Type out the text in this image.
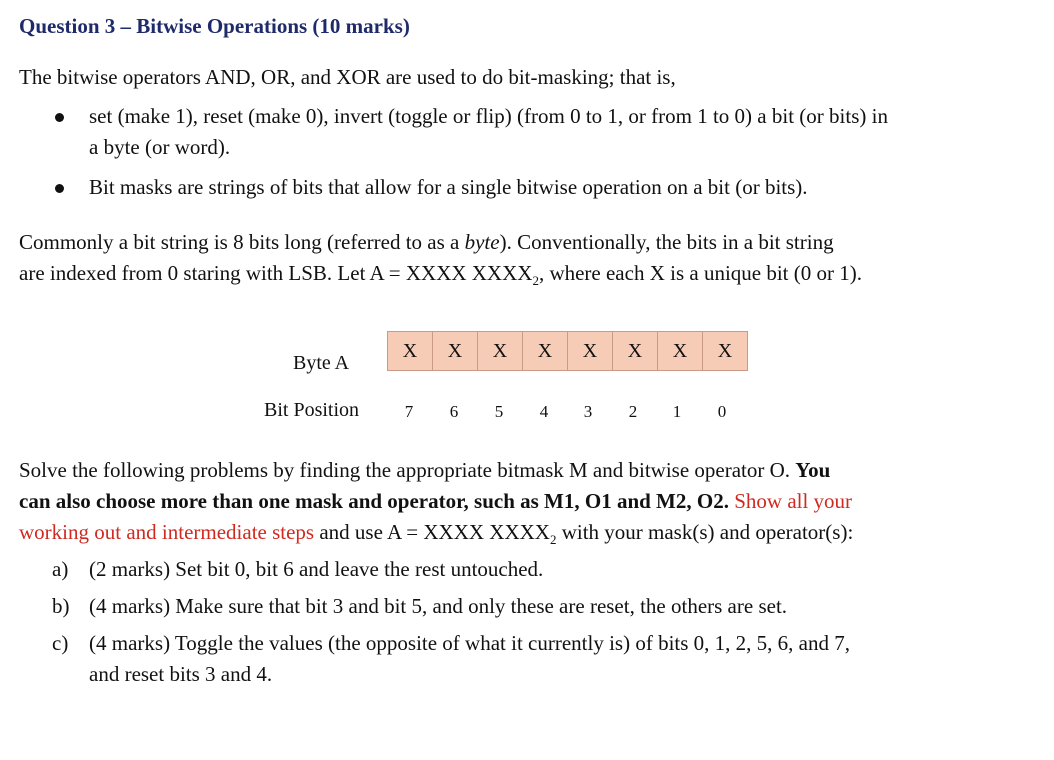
Question 3 – Bitwise Operations (10 marks)
The bitwise operators AND, OR, and XOR are used to do bit-masking; that is,
set (make 1), reset (make 0), invert (toggle or flip) (from 0 to 1, or from 1 to 0) a bit (or bits) in
a byte (or word).
Bit masks are strings of bits that allow for a single bitwise operation on a bit (or bits).
Commonly a bit string is 8 bits long (referred to as a byte). Conventionally, the bits in a bit string
are indexed from 0 staring with LSB. Let A = XXXX $XXXX_2$, where each X is a unique bit (0 or 1).
Byte A
X	X	X	X	X	X	X	X
Bit Position	7	6	5	4	3	2	1	0
Solve the following problems by finding the appropriate bitmask M and bitwise operator O. You
can also choose more than one mask and operator, such as M1, O1 and M2, O2. Show all your
working out and intermediate steps and use A = XXXX $XXXX_2$ with your mask(s) and operator(s):
a) (2 marks) Set bit 0, bit 6 and leave the rest untouched.
b) (4 marks) Make sure that bit 3 and bit 5, and only these are reset, the others are set.
c) (4 marks) Toggle the values (the opposite of what it currently is) of bits 0, 1, 2, 5, 6, and 7,
and reset bits 3 and 4.
